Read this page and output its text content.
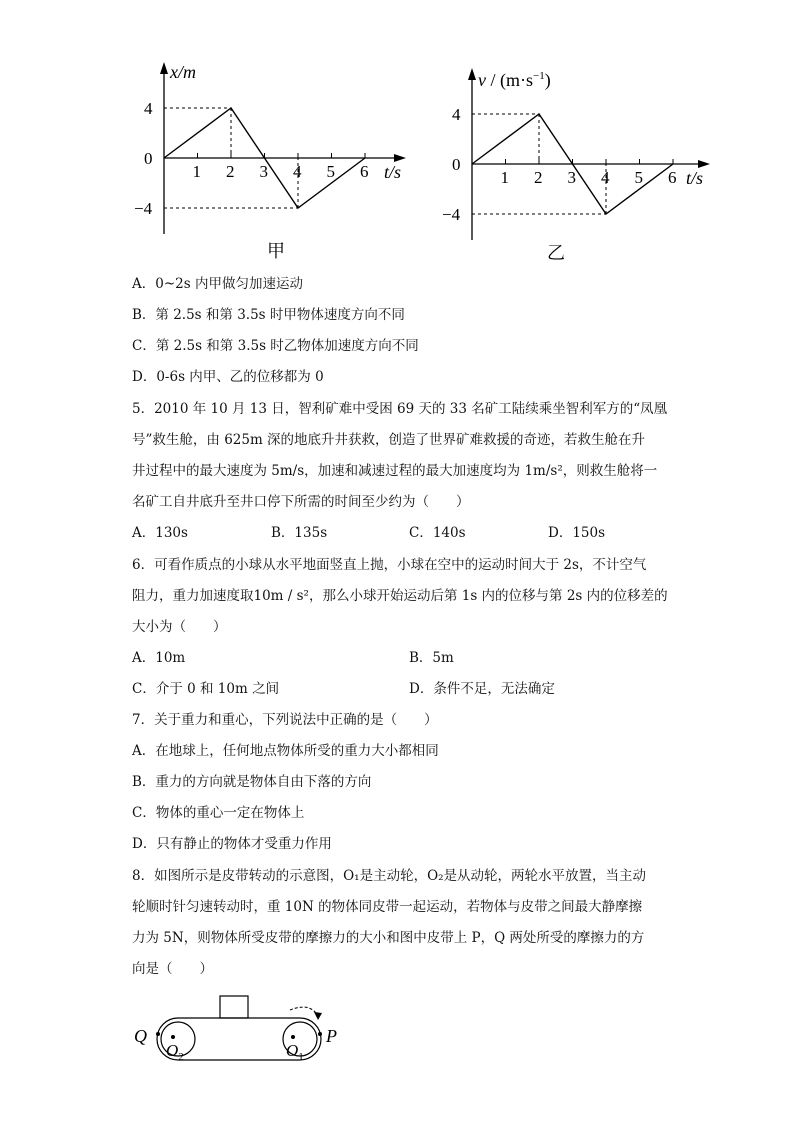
1 2 3 4 5 6
4
0
−4
x/m
t/s
甲
1 2 3 4 5 6
4
0
−4
$v / (m\cdot s^{-1})$
t/s
乙
A．0~2s 内甲做匀加速运动
B．第 2.5s 和第 3.5s 时甲物体速度方向不同
C．第 2.5s 和第 3.5s 时乙物体加速度方向不同
D．0-6s 内甲、乙的位移都为 0
5．2010 年 10 月 13 日，智利矿难中受困 69 天的 33 名矿工陆续乘坐智利军方的“凤凰
号”救生舱，由 625m 深的地底升井获救，创造了世界矿难救援的奇迹，若救生舱在升
井过程中的最大速度为 5m/s，加速和减速过程的最大加速度均为 1m/s²，则救生舱将一
名矿工自井底升至井口停下所需的时间至少约为（　　）
A．130s	B．135s	C．140s	D．150s
6．可看作质点的小球从水平地面竖直上抛，小球在空中的运动时间大于 2s，不计空气
阻力，重力加速度取10m / s²，那么小球开始运动后第 1s 内的位移与第 2s 内的位移差的
大小为（　　）
A．10m	B．5m
C．介于 0 和 10m 之间	D．条件不足，无法确定
7．关于重力和重心，下列说法中正确的是（　　）
A．在地球上，任何地点物体所受的重力大小都相同
B．重力的方向就是物体自由下落的方向
C．物体的重心一定在物体上
D．只有静止的物体才受重力作用
8．如图所示是皮带转动的示意图，O₁是主动轮，O₂是从动轮，两轮水平放置，当主动
轮顺时针匀速转动时，重 10N 的物体同皮带一起运动，若物体与皮带之间最大静摩擦
力为 5N，则物体所受皮带的摩擦力的大小和图中皮带上 P，Q 两处所受的摩擦力的方
向是（　　）
Q	P
$O_2$	$O_1$
